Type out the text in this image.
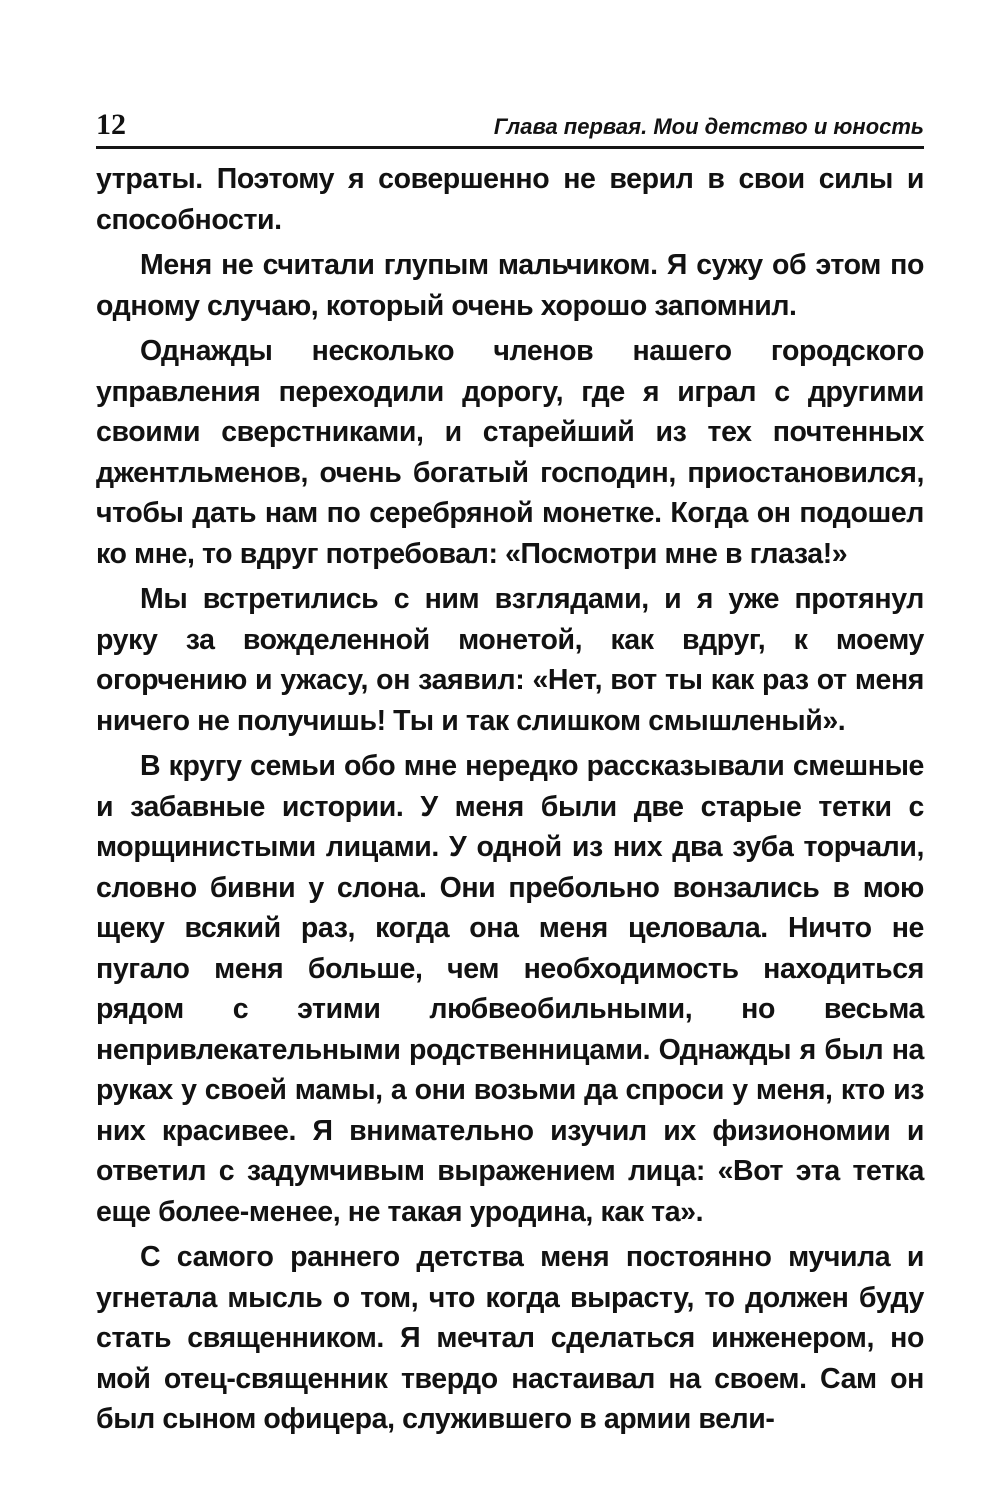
12	Глава первая. Мои детство и юность

утраты. Поэтому я совершенно не верил в свои силы и способности.

Меня не считали глупым мальчиком. Я сужу об этом по одному случаю, который очень хорошо запомнил.

Однажды несколько членов нашего городского управления переходили дорогу, где я играл с другими своими сверстниками, и старейший из тех почтенных джентльменов, очень богатый господин, приостановился, чтобы дать нам по серебряной монетке. Когда он подошел ко мне, то вдруг потребовал: «Посмотри мне в глаза!»

Мы встретились с ним взглядами, и я уже протянул руку за вожделенной монетой, как вдруг, к моему огорчению и ужасу, он заявил: «Нет, вот ты как раз от меня ничего не получишь! Ты и так слишком смышленый».

В кругу семьи обо мне нередко рассказывали смешные и забавные истории. У меня были две старые тетки с морщинистыми лицами. У одной из них два зуба торчали, словно бивни у слона. Они пребольно вонзались в мою щеку всякий раз, когда она меня целовала. Ничто не пугало меня больше, чем необходимость находиться рядом с этими любвеобильными, но весьма непривлекательными родственницами. Однажды я был на руках у своей мамы, а они возьми да спроси у меня, кто из них красивее. Я внимательно изучил их физиономии и ответил с задумчивым выражением лица: «Вот эта тетка еще более-менее, не такая уродина, как та».

С самого раннего детства меня постоянно мучила и угнетала мысль о том, что когда вырасту, то должен буду стать священником. Я мечтал сделаться инженером, но мой отец-священник твердо настаивал на своем. Сам он был сыном офицера, служившего в армии вели-
